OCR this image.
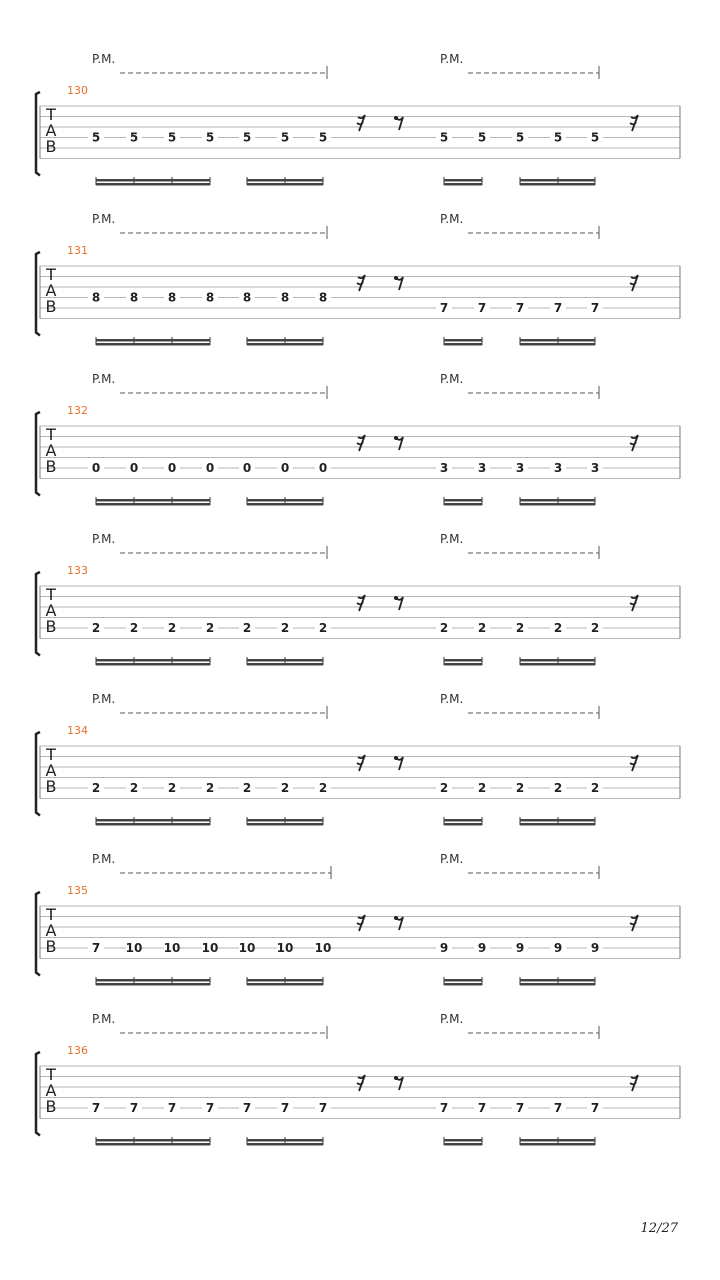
P.M.	P.M.
130
T
A
B	5 5 5 5 5 5 5	5 5 5 5 5
P.M.	P.M.
131
T
A
B	8 8 8 8 8 8 8
7 7 7 7 7
P.M.	P.M.
132
T
A
B	0 0 0 0 0 0 0	3 3 3 3 3
P.M.	P.M.
133
T
A
B	2 2 2 2 2 2 2	2 2 2 2 2
P.M.	P.M.
134
T
A
B	2 2 2 2 2 2 2	2 2 2 2 2
P.M.	P.M.
135
T
A
B	7 10 10 10 10 10 10	9 9 9 9 9
P.M.	P.M.
136
T
A
B	7 7 7 7 7 7 7	7 7 7 7 7
12/27
